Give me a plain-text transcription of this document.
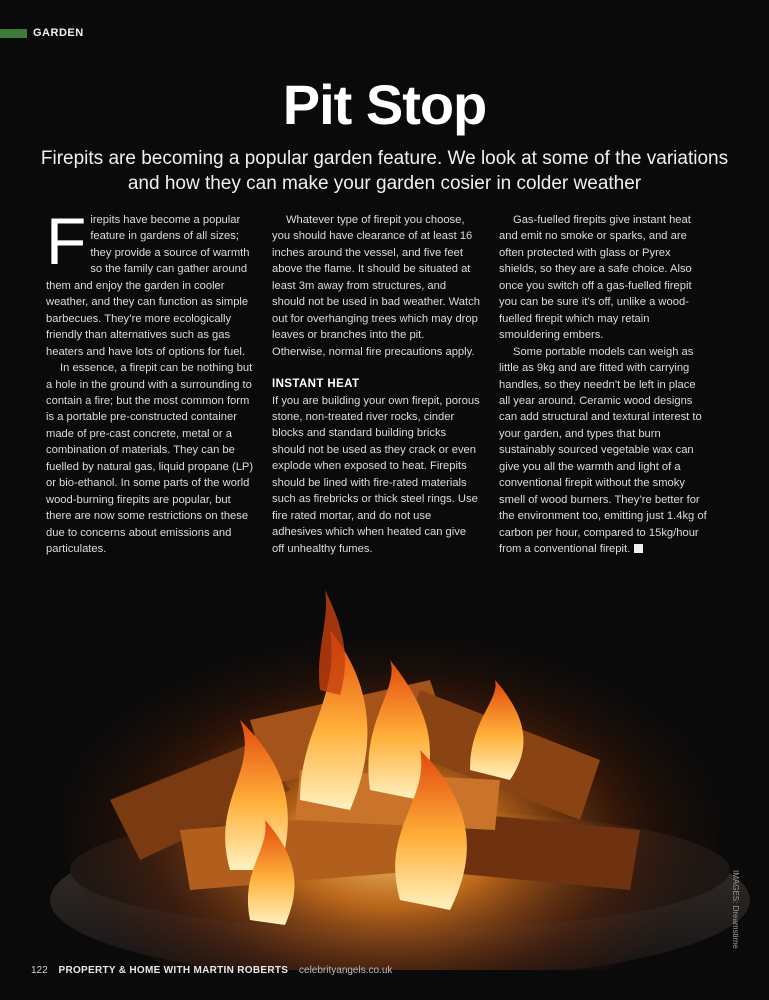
GARDEN
Pit Stop

Firepits are becoming a popular garden feature. We look at some of the variations and how they can make your garden cosier in colder weather

Firepits have become a popular feature in gardens of all sizes; they provide a source of warmth so the family can gather around them and enjoy the garden in cooler weather, and they can function as simple barbecues. They’re more ecologically friendly than alternatives such as gas heaters and have lots of options for fuel.

In essence, a firepit can be nothing but a hole in the ground with a surrounding to contain a fire; but the most common form is a portable pre-constructed container made of pre-cast concrete, metal or a combination of materials. They can be fuelled by natural gas, liquid propane (LP) or bio-ethanol. In some parts of the world wood-burning firepits are popular, but there are now some restrictions on these due to concerns about emissions and particulates.

Whatever type of firepit you choose, you should have clearance of at least 16 inches around the vessel, and five feet above the flame. It should be situated at least 3m away from structures, and should not be used in bad weather. Watch out for overhanging trees which may drop leaves or branches into the pit. Otherwise, normal fire precautions apply.

INSTANT HEAT

If you are building your own firepit, porous stone, non-treated river rocks, cinder blocks and standard building bricks should not be used as they crack or even explode when exposed to heat. Firepits should be lined with fire-rated materials such as firebricks or thick steel rings. Use fire rated mortar, and do not use adhesives which when heated can give off unhealthy fumes.

Gas-fuelled firepits give instant heat and emit no smoke or sparks, and are often protected with glass or Pyrex shields, so they are a safe choice. Also once you switch off a gas-fuelled firepit you can be sure it’s off, unlike a wood-fuelled firepit which may retain smouldering embers.

Some portable models can weigh as little as 9kg and are fitted with carrying handles, so they needn’t be left in place all year around. Ceramic wood designs can add structural and textural interest to your garden, and types that burn sustainably sourced vegetable wax can give you all the warmth and light of a conventional firepit without the smoky smell of wood burners. They’re better for the environment too, emitting just 1.4kg of carbon per hour, compared to 15kg/hour from a conventional firepit.

IMAGES: Dreamstime
122 PROPERTY & HOME WITH MARTIN ROBERTS celebrityangels.co.uk
